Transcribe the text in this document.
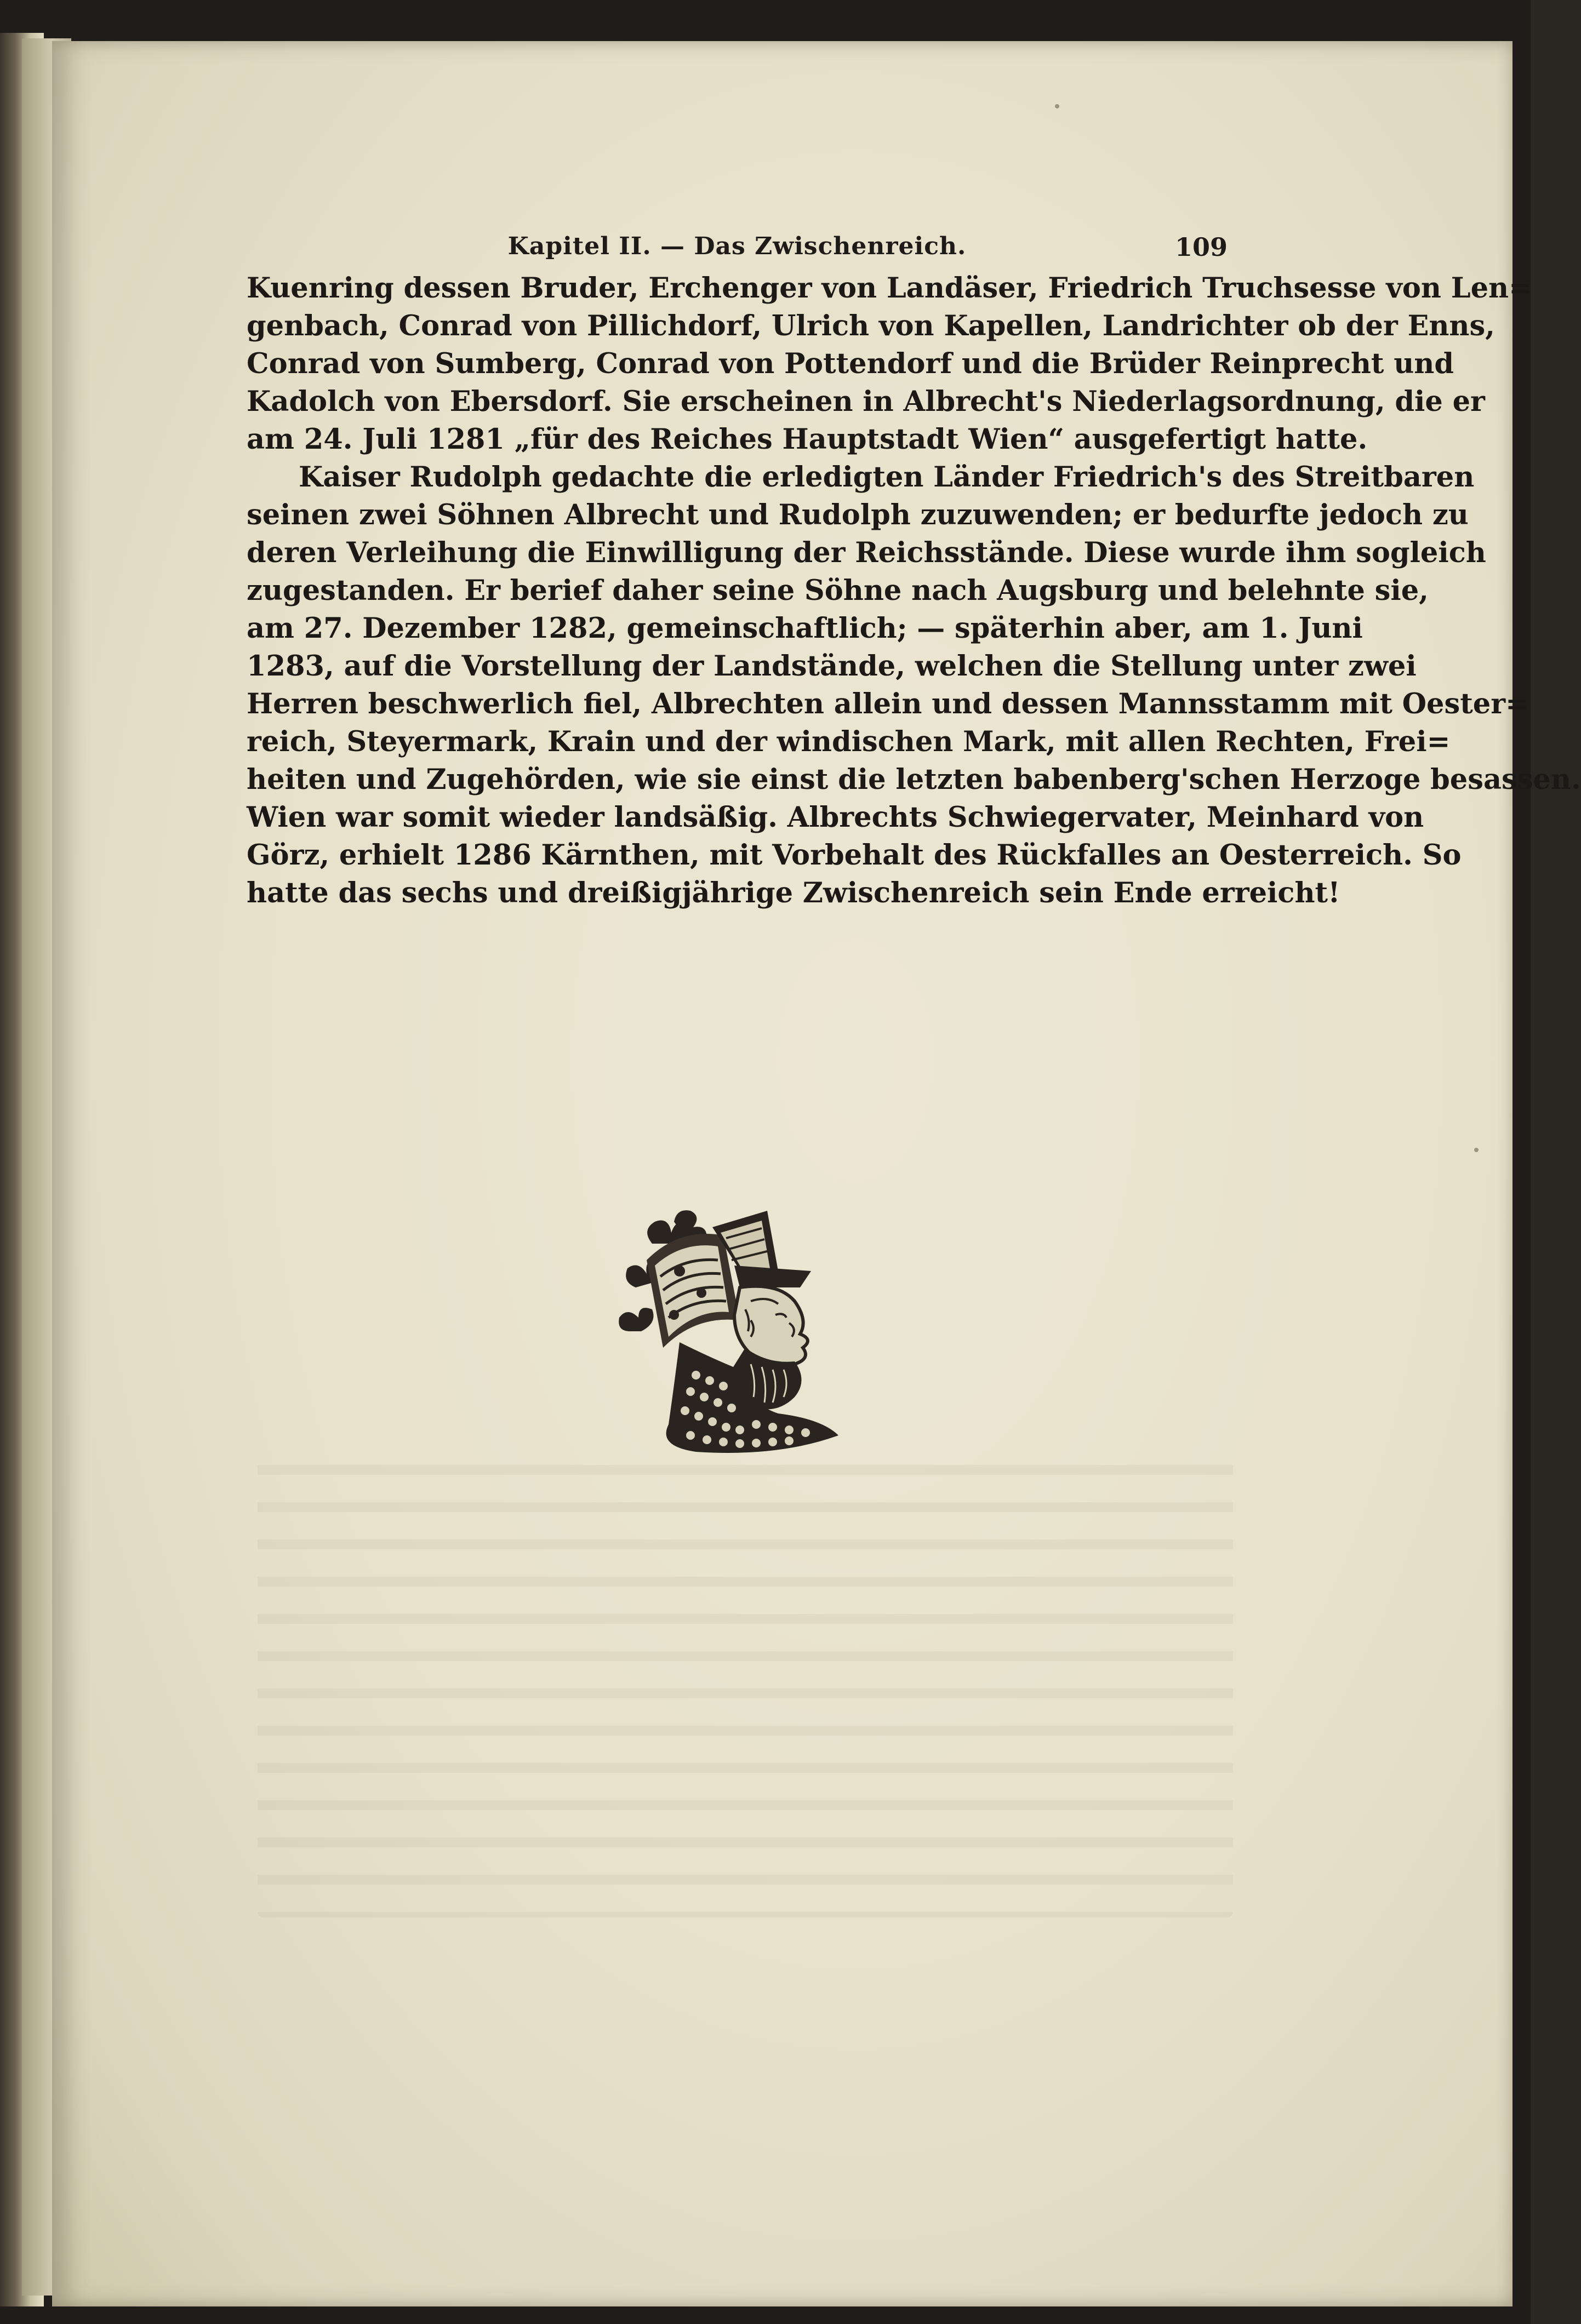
Kapitel II. — Das Zwischenreich.	109
Kuenring dessen Bruder, Erchenger von Landäser, Friedrich Truchsesse von Len=
genbach, Conrad von Pillichdorf, Ulrich von Kapellen, Landrichter ob der Enns,
Conrad von Sumberg, Conrad von Pottendorf und die Brüder Reinprecht und
Kadolch von Ebersdorf. Sie erscheinen in Albrecht's Niederlagsordnung, die er
am 24. Juli 1281 „für des Reiches Hauptstadt Wien“ ausgefertigt hatte.
Kaiser Rudolph gedachte die erledigten Länder Friedrich's des Streitbaren
seinen zwei Söhnen Albrecht und Rudolph zuzuwenden; er bedurfte jedoch zu
deren Verleihung die Einwilligung der Reichsstände. Diese wurde ihm sogleich
zugestanden. Er berief daher seine Söhne nach Augsburg und belehnte sie,
am 27. Dezember 1282, gemeinschaftlich; — späterhin aber, am 1. Juni
1283, auf die Vorstellung der Landstände, welchen die Stellung unter zwei
Herren beschwerlich fiel, Albrechten allein und dessen Mannsstamm mit Oester=
reich, Steyermark, Krain und der windischen Mark, mit allen Rechten, Frei=
heiten und Zugehörden, wie sie einst die letzten babenberg'schen Herzoge besassen.
Wien war somit wieder landsäßig. Albrechts Schwiegervater, Meinhard von
Görz, erhielt 1286 Kärnthen, mit Vorbehalt des Rückfalles an Oesterreich. So
hatte das sechs und dreißigjährige Zwischenreich sein Ende erreicht!
